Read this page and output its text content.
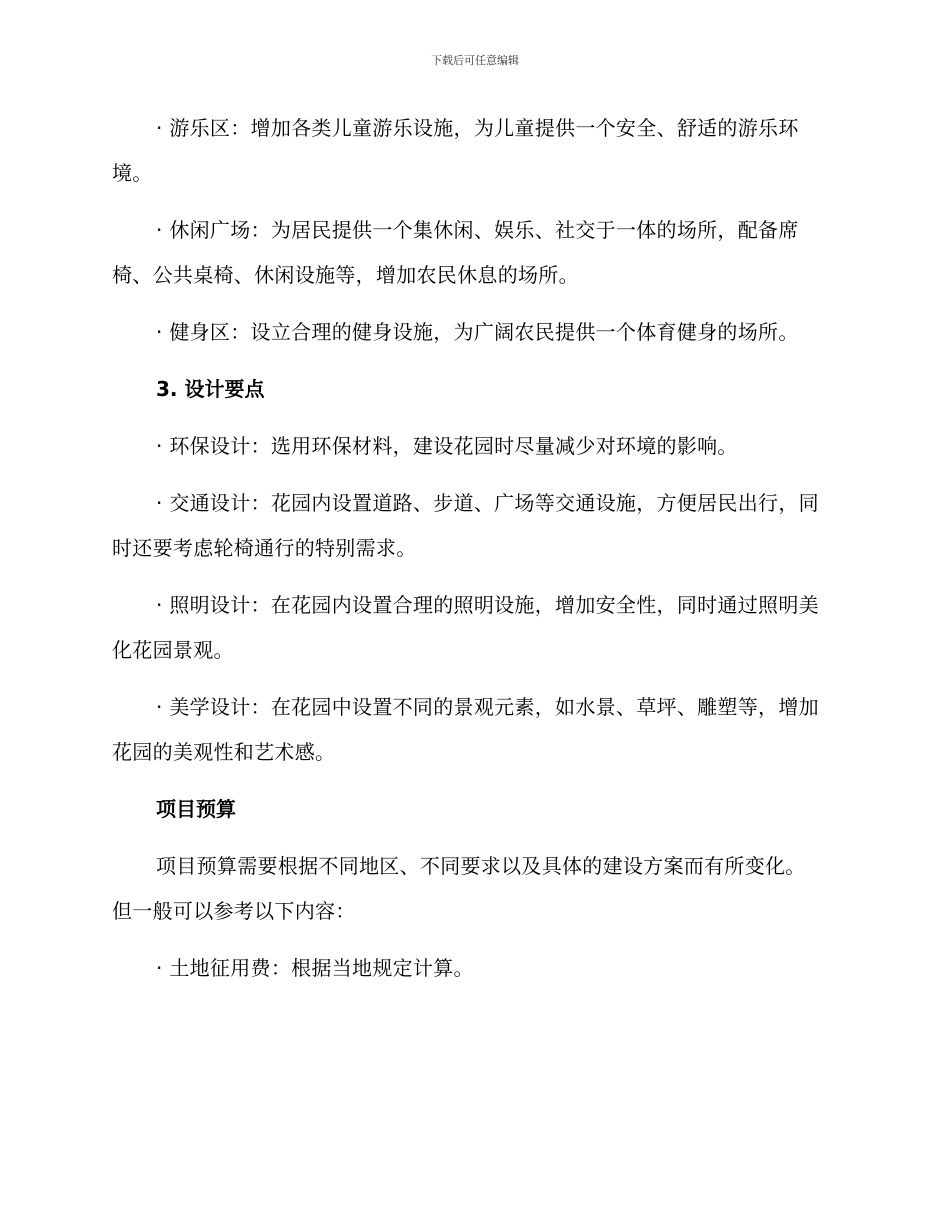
下载后可任意编辑

· 游乐区：增加各类儿童游乐设施，为儿童提供一个安全、舒适的游乐环境。

· 休闲广场：为居民提供一个集休闲、娱乐、社交于一体的场所，配备席椅、公共桌椅、休闲设施等，增加农民休息的场所。

· 健身区：设立合理的健身设施，为广阔农民提供一个体育健身的场所。

3. 设计要点

· 环保设计：选用环保材料，建设花园时尽量减少对环境的影响。

· 交通设计：花园内设置道路、步道、广场等交通设施，方便居民出行，同时还要考虑轮椅通行的特别需求。

· 照明设计：在花园内设置合理的照明设施，增加安全性，同时通过照明美化花园景观。

· 美学设计：在花园中设置不同的景观元素，如水景、草坪、雕塑等，增加花园的美观性和艺术感。

项目预算

项目预算需要根据不同地区、不同要求以及具体的建设方案而有所变化。但一般可以参考以下内容：

· 土地征用费：根据当地规定计算。
